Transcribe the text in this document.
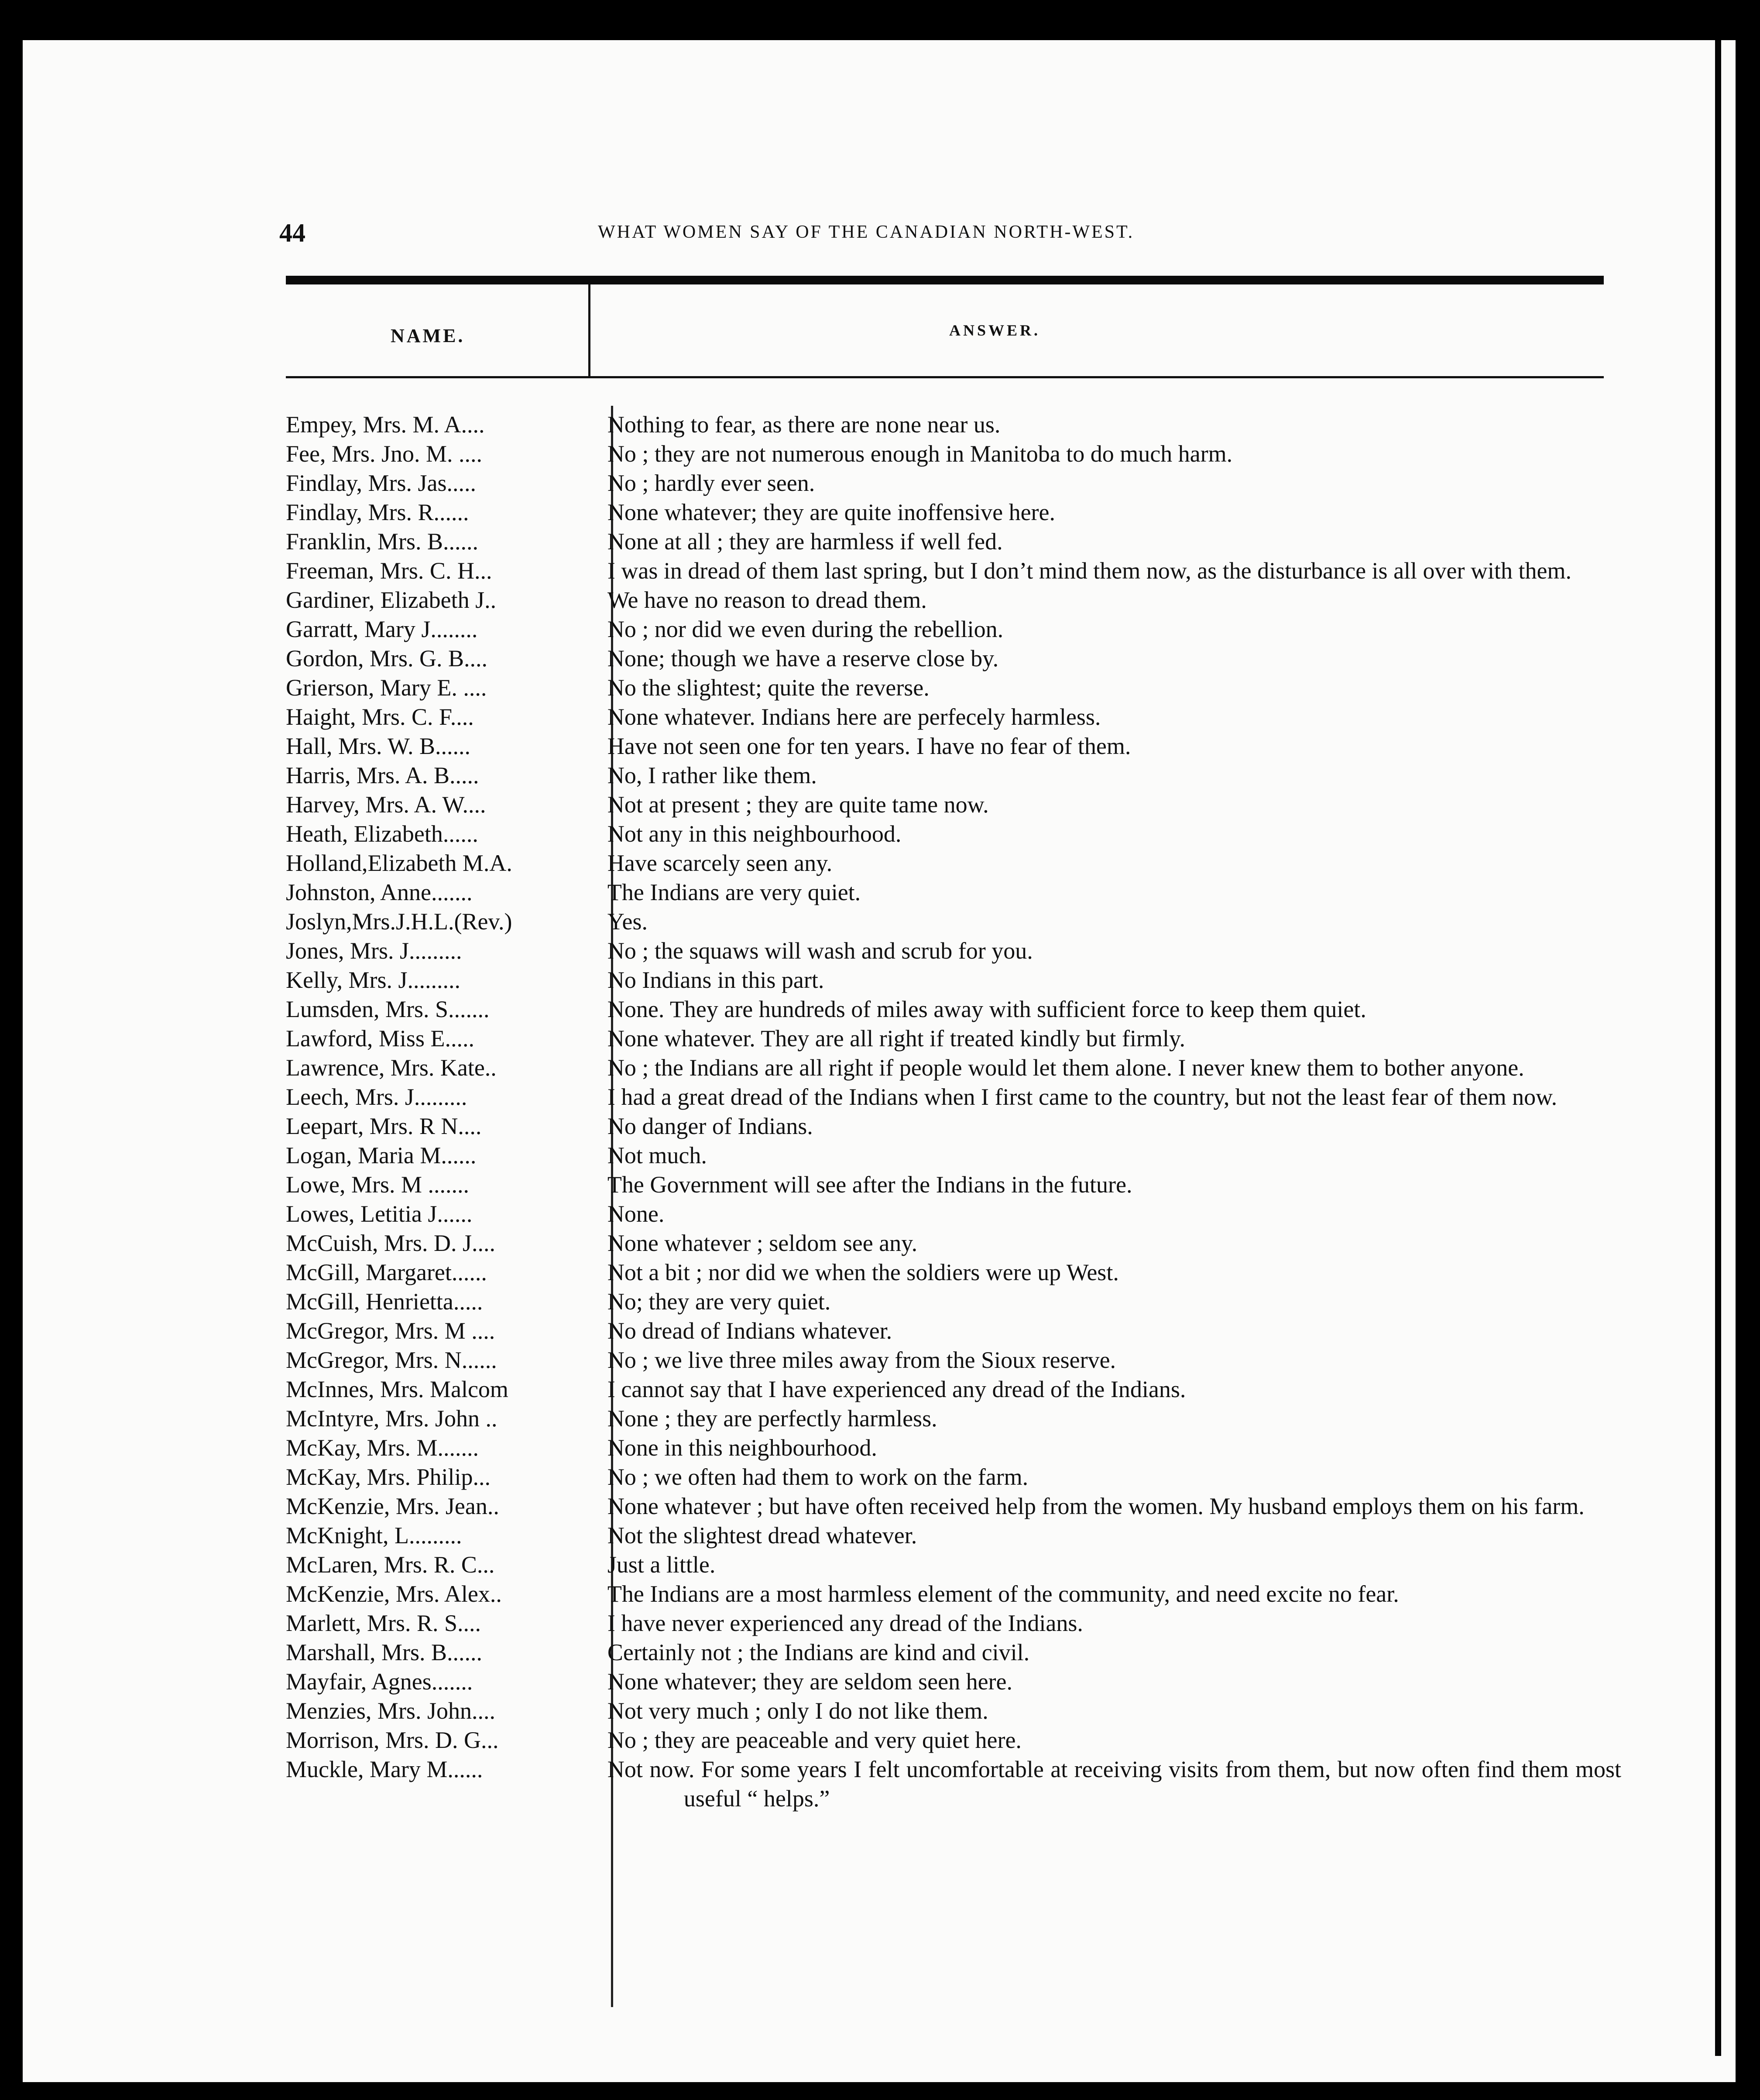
44	WHAT WOMEN SAY OF THE CANADIAN NORTH-WEST.
NAME.	ANSWER.
Empey, Mrs. M. A....	Nothing to fear, as there are none near us.
Fee, Mrs. Jno. M. ....	No ; they are not numerous enough in Manitoba to do much harm.
Findlay, Mrs. Jas.....	No ; hardly ever seen.
Findlay, Mrs. R......	None whatever; they are quite inoffensive here.
Franklin, Mrs. B......	None at all ; they are harmless if well fed.
Freeman, Mrs. C. H...	I was in dread of them last spring, but I don’t mind them now, as the disturbance is all over with them.
Gardiner, Elizabeth J..	We have no reason to dread them.
Garratt, Mary J........	No ; nor did we even during the rebellion.
Gordon, Mrs. G. B....	None; though we have a reserve close by.
Grierson, Mary E. ....	No the slightest; quite the reverse.
Haight, Mrs. C. F....	None whatever. Indians here are perfecely harmless.
Hall, Mrs. W. B......	Have not seen one for ten years. I have no fear of them.
Harris, Mrs. A. B.....	No, I rather like them.
Harvey, Mrs. A. W....	Not at present ; they are quite tame now.
Heath, Elizabeth......	Not any in this neighbourhood.
Holland,Elizabeth M.A.	Have scarcely seen any.
Johnston, Anne.......	The Indians are very quiet.
Joslyn,Mrs.J.H.L.(Rev.)	Yes.
Jones, Mrs. J.........	No ; the squaws will wash and scrub for you.
Kelly, Mrs. J.........	No Indians in this part.
Lumsden, Mrs. S.......	None. They are hundreds of miles away with sufficient force to keep them quiet.
Lawford, Miss E.....	None whatever. They are all right if treated kindly but firmly.
Lawrence, Mrs. Kate..	No ; the Indians are all right if people would let them alone. I never knew them to bother anyone.
Leech, Mrs. J.........	I had a great dread of the Indians when I first came to the country, but not the least fear of them now.
Leepart, Mrs. R N....	No danger of Indians.
Logan, Maria M......	Not much.
Lowe, Mrs. M .......	The Government will see after the Indians in the future.
Lowes, Letitia J......	None.
McCuish, Mrs. D. J....	None whatever ; seldom see any.
McGill, Margaret......	Not a bit ; nor did we when the soldiers were up West.
McGill, Henrietta.....	No; they are very quiet.
McGregor, Mrs. M ....	No dread of Indians whatever.
McGregor, Mrs. N......	No ; we live three miles away from the Sioux reserve.
McInnes, Mrs. Malcom	I cannot say that I have experienced any dread of the Indians.
McIntyre, Mrs. John ..	None ; they are perfectly harmless.
McKay, Mrs. M.......	None in this neighbourhood.
McKay, Mrs. Philip...	No ; we often had them to work on the farm.
McKenzie, Mrs. Jean..	None whatever ; but have often received help from the women. My husband employs them on his farm.
McKnight, L.........	Not the slightest dread whatever.
McLaren, Mrs. R. C...	Just a little.
McKenzie, Mrs. Alex..	The Indians are a most harmless element of the community, and need excite no fear.
Marlett, Mrs. R. S....	I have never experienced any dread of the Indians.
Marshall, Mrs. B......	Certainly not ; the Indians are kind and civil.
Mayfair, Agnes.......	None whatever; they are seldom seen here.
Menzies, Mrs. John....	Not very much ; only I do not like them.
Morrison, Mrs. D. G...	No ; they are peaceable and very quiet here.
Muckle, Mary M......	Not now. For some years I felt uncomfortable at receiving visits from them, but now often find them most useful “ helps.”
